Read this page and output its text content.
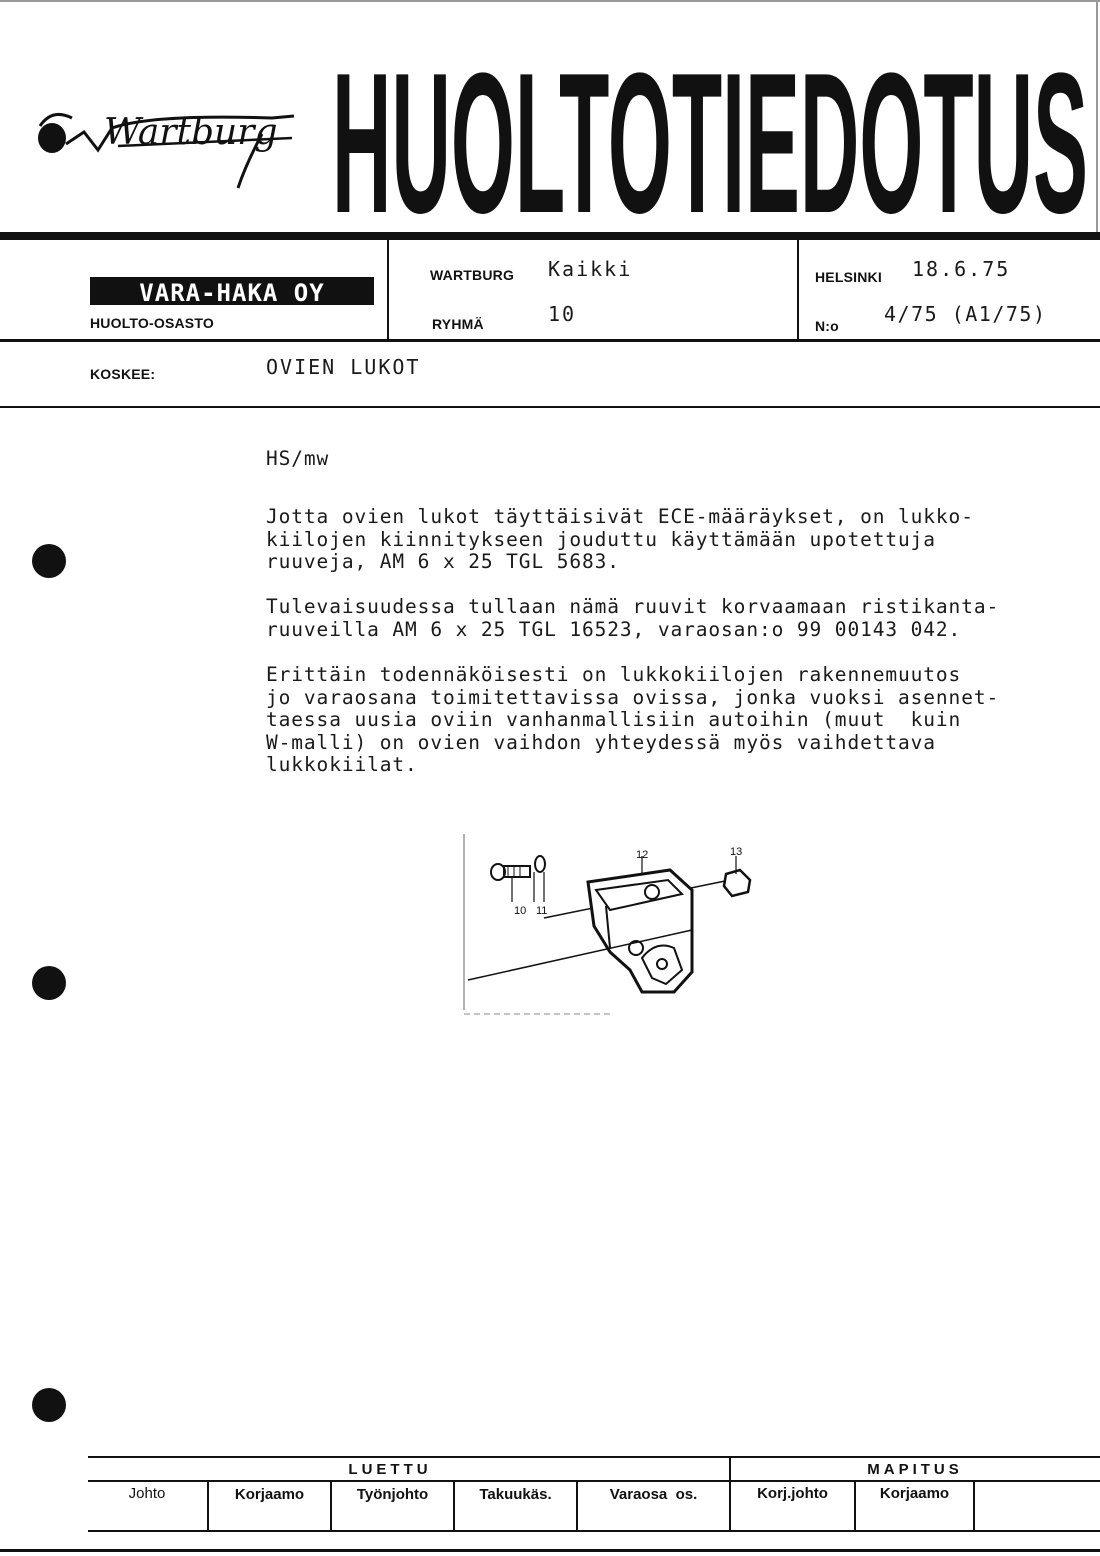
Wartburg HUOLTOTIEDOTUS
VARA-HAKA OY
HUOLTO-OSASTO
WARTBURG Kaikki
RYHMÄ	10
HELSINKI 18.6.75
N:o 4/75 (A1/75)
KOSKEE:	OVIEN LUKOT
HS/mw
Jotta ovien lukot täyttäisivät ECE-määräykset, on lukko-
kiilojen kiinnitykseen jouduttu käyttämään upotettuja
ruuveja, AM 6 x 25 TGL 5683.
Tulevaisuudessa tullaan nämä ruuvit korvaamaan ristikanta-
ruuveilla AM 6 x 25 TGL 16523, varaosan:o 99 00143 042.
Erittäin todennäköisesti on lukkokiilojen rakennemuutos
jo varaosana toimitettavissa ovissa, jonka vuoksi asennet-
taessa uusia oviin vanhanmallisiin autoihin (muut  kuin
W-malli) on ovien vaihdon yhteydessä myös vaihdettava
lukkokiilat.
10 11
12	13
LUETTU	MAPITUS
Johto	Korjaamo	Työnjohto	Takuukäs.	Varaosa  os.	Korj.johto	Korjaamo
